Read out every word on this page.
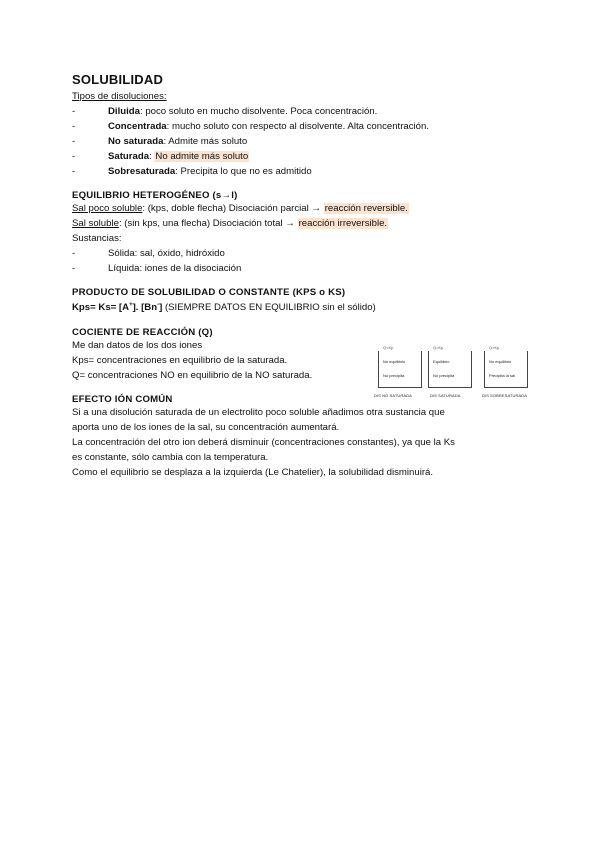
SOLUBILIDAD
Tipos de disoluciones:
-	Diluida: poco soluto en mucho disolvente. Poca concentración.
-	Concentrada: mucho soluto con respecto al disolvente. Alta concentración.
-	No saturada: Admite más soluto
-	Saturada: No admite más soluto
-	Sobresaturada: Precipita lo que no es admitido
EQUILIBRIO HETEROGÉNEO (s→l)
Sal poco soluble: (kps, doble flecha) Disociación parcial → reacción reversible.
Sal soluble: (sin kps, una flecha) Disociación total → reacción irreversible.
Sustancias:
-	Sólida: sal, óxido, hidróxido
-	Líquida: iones de la disociación
PRODUCTO DE SOLUBILIDAD O CONSTANTE (KPS o KS)
Kps= Ks= [A+]. [Bn-] (SIEMPRE DATOS EN EQUILIBRIO sin el sólido)
COCIENTE DE REACCIÓN (Q)
Me dan datos de los dos iones
Kps= concentraciones en equilibrio de la saturada.
Q= concentraciones NO en equilibrio de la NO saturada.
EFECTO IÓN COMÚN
Si a una disolución saturada de un electrolito poco soluble añadimos otra sustancia que
aporta uno de los iones de la sal, su concentración aumentará.
La concentración del otro ion deberá disminuir (concentraciones constantes), ya que la Ks
es constante, sólo cambia con la temperatura.
Como el equilibrio se desplaza a la izquierda (Le Chatelier), la solubilidad disminuirá.
Q<Kp
No equilibrio
No precipita
Q=Kp
Equilibrio
No precipita
Q>Kp
No equilibrio
Precipita la sal
DIS NO SATURADA	DIS SATURADA	DIS SOBRESATURADA
